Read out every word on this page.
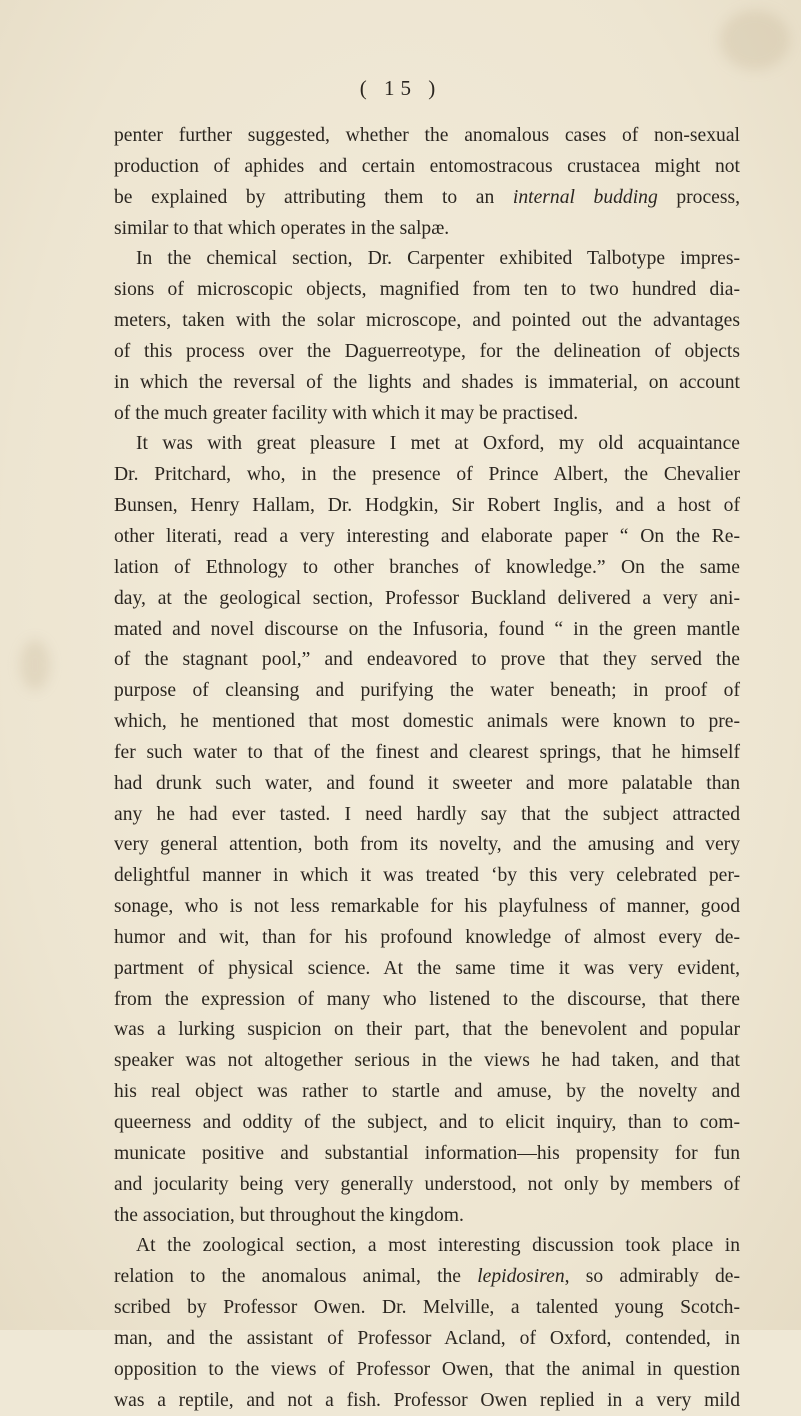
( 15 )
penter further suggested, whether the anomalous cases of non-sexual
production of aphides and certain entomostracous crustacea might not
be explained by attributing them to an internal budding process,
similar to that which operates in the salpæ.
In the chemical section, Dr. Carpenter exhibited Talbotype impres-
sions of microscopic objects, magnified from ten to two hundred dia-
meters, taken with the solar microscope, and pointed out the advantages
of this process over the Daguerreotype, for the delineation of objects
in which the reversal of the lights and shades is immaterial, on account
of the much greater facility with which it may be practised.
It was with great pleasure I met at Oxford, my old acquaintance
Dr. Pritchard, who, in the presence of Prince Albert, the Chevalier
Bunsen, Henry Hallam, Dr. Hodgkin, Sir Robert Inglis, and a host of
other literati, read a very interesting and elaborate paper “ On the Re-
lation of Ethnology to other branches of knowledge.” On the same
day, at the geological section, Professor Buckland delivered a very ani-
mated and novel discourse on the Infusoria, found “ in the green mantle
of the stagnant pool,” and endeavored to prove that they served the
purpose of cleansing and purifying the water beneath; in proof of
which, he mentioned that most domestic animals were known to pre-
fer such water to that of the finest and clearest springs, that he himself
had drunk such water, and found it sweeter and more palatable than
any he had ever tasted. I need hardly say that the subject attracted
very general attention, both from its novelty, and the amusing and very
delightful manner in which it was treated ‘by this very celebrated per-
sonage, who is not less remarkable for his playfulness of manner, good
humor and wit, than for his profound knowledge of almost every de-
partment of physical science. At the same time it was very evident,
from the expression of many who listened to the discourse, that there
was a lurking suspicion on their part, that the benevolent and popular
speaker was not altogether serious in the views he had taken, and that
his real object was rather to startle and amuse, by the novelty and
queerness and oddity of the subject, and to elicit inquiry, than to com-
municate positive and substantial information—his propensity for fun
and jocularity being very generally understood, not only by members of
the association, but throughout the kingdom.
At the zoological section, a most interesting discussion took place in
relation to the anomalous animal, the lepidosiren, so admirably de-
scribed by Professor Owen. Dr. Melville, a talented young Scotch-
man, and the assistant of Professor Acland, of Oxford, contended, in
opposition to the views of Professor Owen, that the animal in question
was a reptile, and not a fish. Professor Owen replied in a very mild
